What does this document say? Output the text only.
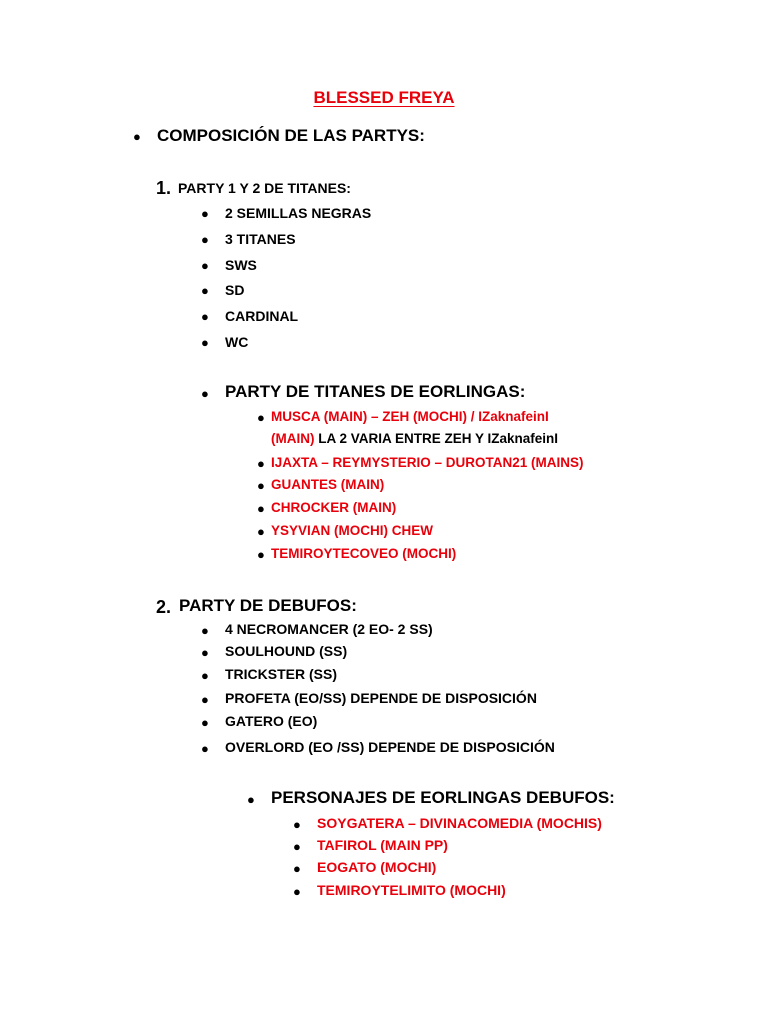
BLESSED FREYA
● COMPOSICIÓN DE LAS PARTYS:
1. PARTY 1 Y 2 DE TITANES:
● 2 SEMILLAS NEGRAS
● 3 TITANES
● SWS
● SD
● CARDINAL
● WC
● PARTY DE TITANES DE EORLINGAS:
● MUSCA (MAIN) – ZEH (MOCHI) / IZaknafeinI
(MAIN) LA 2 VARIA ENTRE ZEH Y IZaknafeinI
● IJAXTA – REYMYSTERIO – DUROTAN21 (MAINS)
● GUANTES (MAIN)
● CHROCKER (MAIN)
● YSYVIAN (MOCHI) CHEW
● TEMIROYTECOVEO (MOCHI)
2. PARTY DE DEBUFOS:
● 4 NECROMANCER (2 EO- 2 SS)
● SOULHOUND (SS)
● TRICKSTER (SS)
● PROFETA (EO/SS) DEPENDE DE DISPOSICIÓN
● GATERO (EO)
● OVERLORD (EO /SS) DEPENDE DE DISPOSICIÓN
● PERSONAJES DE EORLINGAS DEBUFOS:
● SOYGATERA – DIVINACOMEDIA (MOCHIS)
● TAFIROL (MAIN PP)
● EOGATO (MOCHI)
● TEMIROYTELIMITO (MOCHI)
